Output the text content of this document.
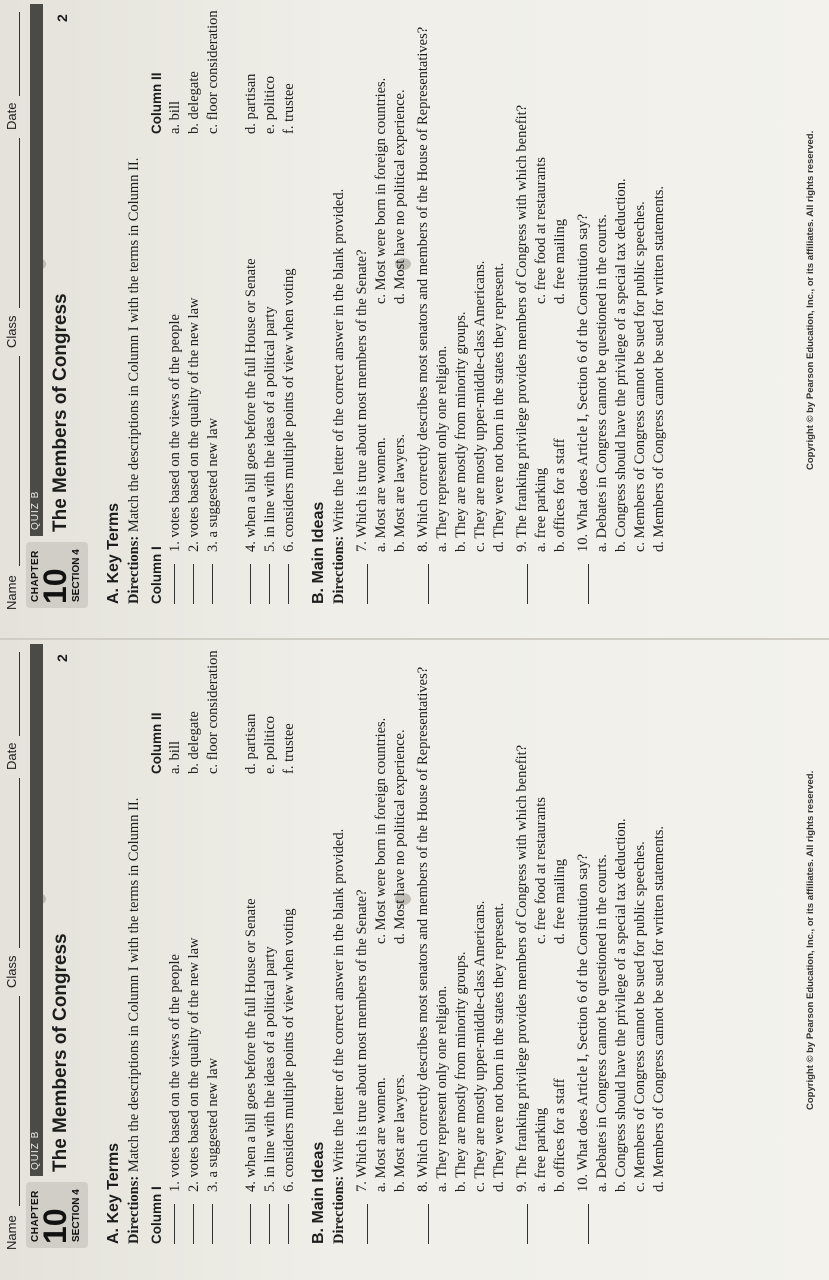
Name
Class
Date
CHAPTER
10
SECTION 4
QUIZ B The Members of Congress
2
A. Key Terms Directions: Match the descriptions in Column I with the terms in Column II.
Column I
Column II
1. votes based on the views of the people
a. bill
2. votes based on the quality of the new law
b. delegate
3. a suggested new law
c. floor consideration
4. when a bill goes before the full House or Senate
d. partisan
5. in line with the ideas of a political party
e. politico
6. considers multiple points of view when voting
f. trustee
B. Main Ideas Directions: Write the letter of the correct answer in the blank provided. 7. Which is true about most members of the Senate? a. Most are women.
c. Most were born in foreign countries.
b. Most are lawyers.
d. Most have no political experience. 8. Which correctly describes most senators and members of the House of Representatives? a. They represent only one religion. b. They are mostly from minority groups. c. They are mostly upper-middle-class Americans. d. They were not born in the states they represent. 9. The franking privilege provides members of Congress with which benefit? a. free parking
c. free food at restaurants
b. offices for a staff
d. free mailing 10. What does Article I, Section 6 of the Constitution say? a. Debates in Congress cannot be questioned in the courts. b. Congress should have the privilege of a special tax deduction. c. Members of Congress cannot be sued for public speeches. d. Members of Congress cannot be sued for written statements.	Copyright © by Pearson Education, Inc., or its affiliates. All rights reserved.
Name
Class
Date
CHAPTER
10
SECTION 4
QUIZ B The Members of Congress
2
A. Key Terms Directions: Match the descriptions in Column I with the terms in Column II.
Column I
Column II
1. votes based on the views of the people
a. bill
2. votes based on the quality of the new law
b. delegate
3. a suggested new law
c. floor consideration
4. when a bill goes before the full House or Senate
d. partisan
5. in line with the ideas of a political party
e. politico
6. considers multiple points of view when voting
f. trustee
B. Main Ideas Directions: Write the letter of the correct answer in the blank provided. 7. Which is true about most members of the Senate? a. Most are women.
c. Most were born in foreign countries.
b. Most are lawyers.
d. Most have no political experience. 8. Which correctly describes most senators and members of the House of Representatives? a. They represent only one religion. b. They are mostly from minority groups. c. They are mostly upper-middle-class Americans. d. They were not born in the states they represent. 9. The franking privilege provides members of Congress with which benefit? a. free parking
c. free food at restaurants
b. offices for a staff
d. free mailing 10. What does Article I, Section 6 of the Constitution say? a. Debates in Congress cannot be questioned in the courts. b. Congress should have the privilege of a special tax deduction. c. Members of Congress cannot be sued for public speeches. d. Members of Congress cannot be sued for written statements.	Copyright © by Pearson Education, Inc., or its affiliates. All rights reserved.
